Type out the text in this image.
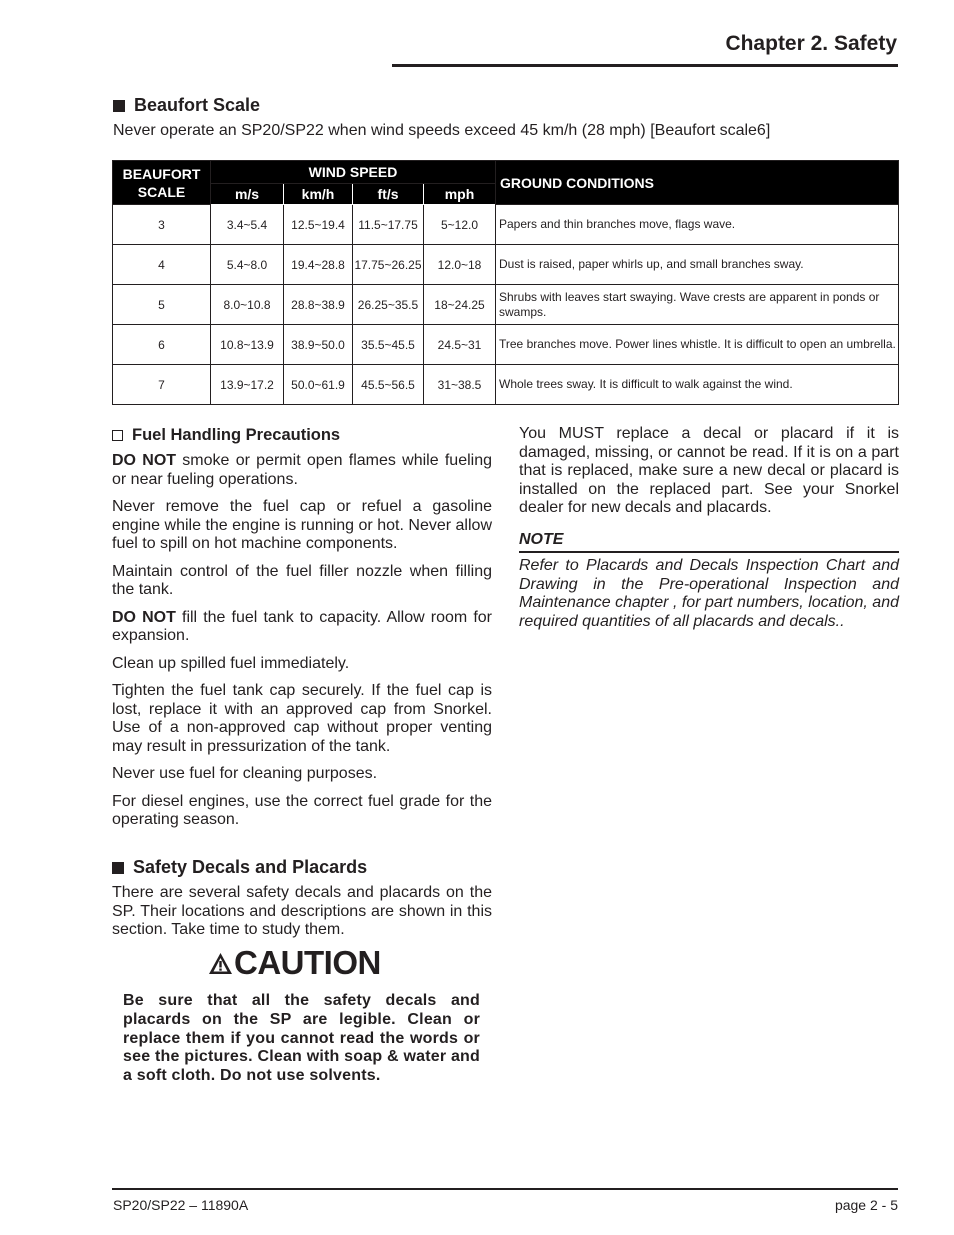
Chapter 2. Safety
Beaufort Scale
Never operate an SP20/SP22 when wind speeds exceed 45 km/h (28 mph) [Beaufort scale6]
BEAUFORT SCALE	WIND SPEED				GROUND CONDITIONS
	m/s	km/h	ft/s	mph	
3	3.4~5.4	12.5~19.4	11.5~17.75	5~12.0	Papers and thin branches move, flags wave.
4	5.4~8.0	19.4~28.8	17.75~26.25	12.0~18	Dust is raised, paper whirls up, and small branches sway.
5	8.0~10.8	28.8~38.9	26.25~35.5	18~24.25	Shrubs with leaves start swaying. Wave crests are apparent in ponds or swamps.
6	10.8~13.9	38.9~50.0	35.5~45.5	24.5~31	Tree branches move. Power lines whistle. It is difficult to open an umbrella.
7	13.9~17.2	50.0~61.9	45.5~56.5	31~38.5	Whole trees sway. It is difficult to walk against the wind.
Fuel Handling Precautions

DO NOT smoke or permit open flames while fueling or near fueling operations.

Never remove the fuel cap or refuel a gasoline engine while the engine is running or hot. Never allow fuel to spill on hot machine components.

Maintain control of the fuel filler nozzle when filling the tank.

DO NOT fill the fuel tank to capacity. Allow room for expansion.

Clean up spilled fuel immediately.

Tighten the fuel tank cap securely. If the fuel cap is lost, replace it with an approved cap from Snorkel. Use of a non-approved cap without proper venting may result in pressurization of the tank.

Never use fuel for cleaning purposes.

For diesel engines, use the correct fuel grade for the operating season.

Safety Decals and Placards

There are several safety decals and placards on the SP. Their locations and descriptions are shown in this section. Take time to study them.

CAUTION

Be sure that all the safety decals and placards on the SP are legible. Clean or replace them if you cannot read the words or see the pictures. Clean with soap & water and a soft cloth. Do not use solvents.

You MUST replace a decal or placard if it is damaged, missing, or cannot be read. If it is on a part that is replaced, make sure a new decal or placard is installed on the replaced part. See your Snorkel dealer for new decals and placards.

NOTE

Refer to Placards and Decals Inspection Chart and Drawing in the Pre-operational Inspection and Maintenance chapter , for part numbers, location, and required quantities of all placards and decals..

SP20/SP22 – 11890A	page 2 - 5
